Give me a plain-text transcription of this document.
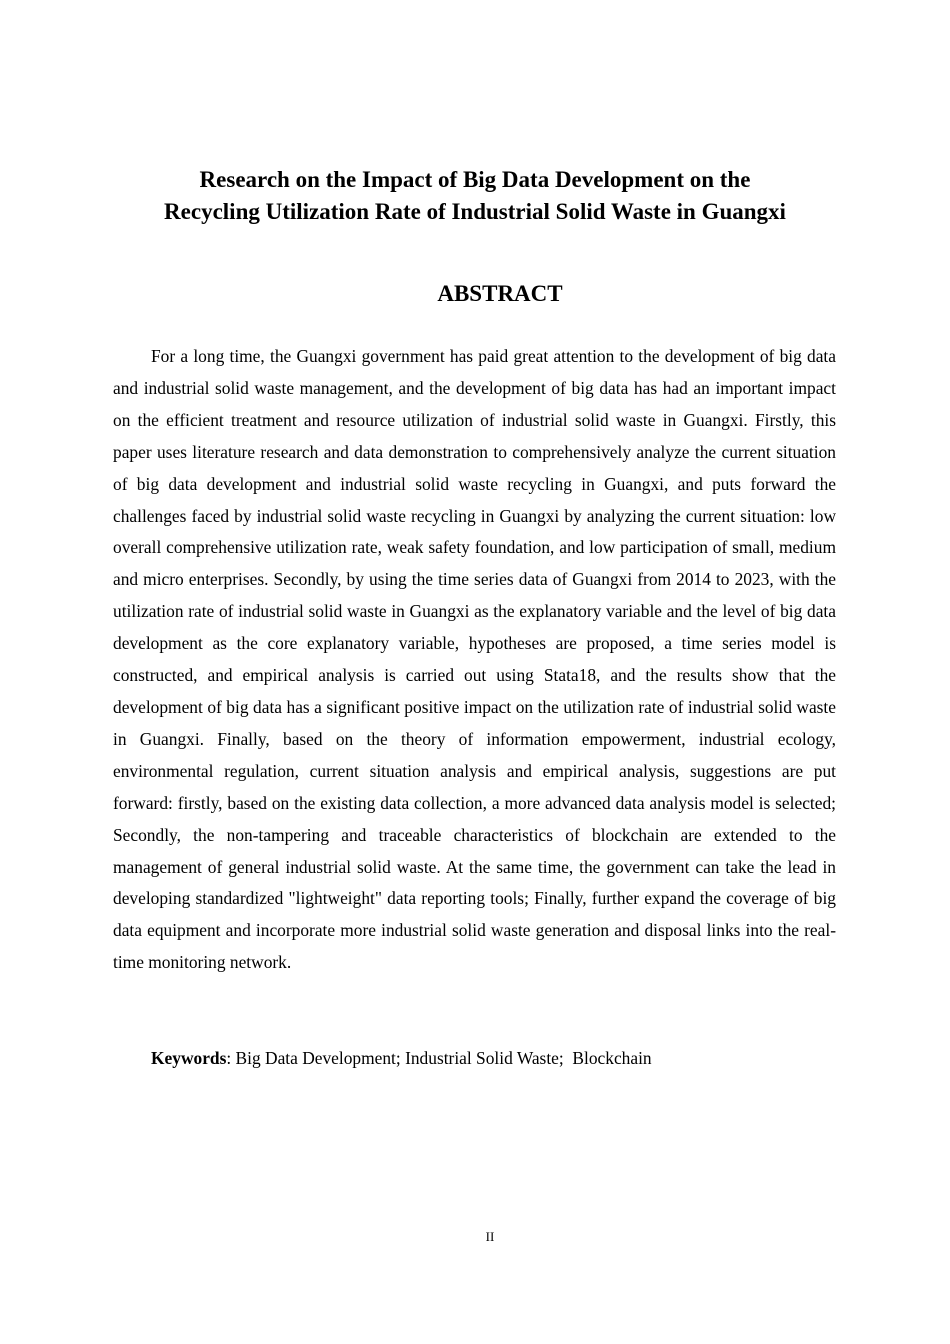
Research on the Impact of Big Data Development on the
Recycling Utilization Rate of Industrial Solid Waste in Guangxi
ABSTRACT

For a long time, the Guangxi government has paid great attention to the development of big data and industrial solid waste management, and the development of big data has had an important impact on the efficient treatment and resource utilization of industrial solid waste in Guangxi. Firstly, this paper uses literature research and data demonstration to comprehensively analyze the current situation of big data development and industrial solid waste recycling in Guangxi, and puts forward the challenges faced by industrial solid waste recycling in Guangxi by analyzing the current situation: low overall comprehensive utilization rate, weak safety foundation, and low participation of small, medium and micro enterprises. Secondly, by using the time series data of Guangxi from 2014 to 2023, with the utilization rate of industrial solid waste in Guangxi as the explanatory variable and the level of big data development as the core explanatory variable, hypotheses are proposed, a time series model is constructed, and empirical analysis is carried out using Stata18, and the results show that the development of big data has a significant positive impact on the utilization rate of industrial solid waste in Guangxi. Finally, based on the theory of information empowerment, industrial ecology, environmental regulation, current situation analysis and empirical analysis, suggestions are put forward: firstly, based on the existing data collection, a more advanced data analysis model is selected; Secondly, the non-tampering and traceable characteristics of blockchain are extended to the management of general industrial solid waste. At the same time, the government can take the lead in developing standardized "lightweight" data reporting tools; Finally, further expand the coverage of big data equipment and incorporate more industrial solid waste generation and disposal links into the real-time monitoring network.

Keywords: Big Data Development; Industrial Solid Waste;  Blockchain

II
